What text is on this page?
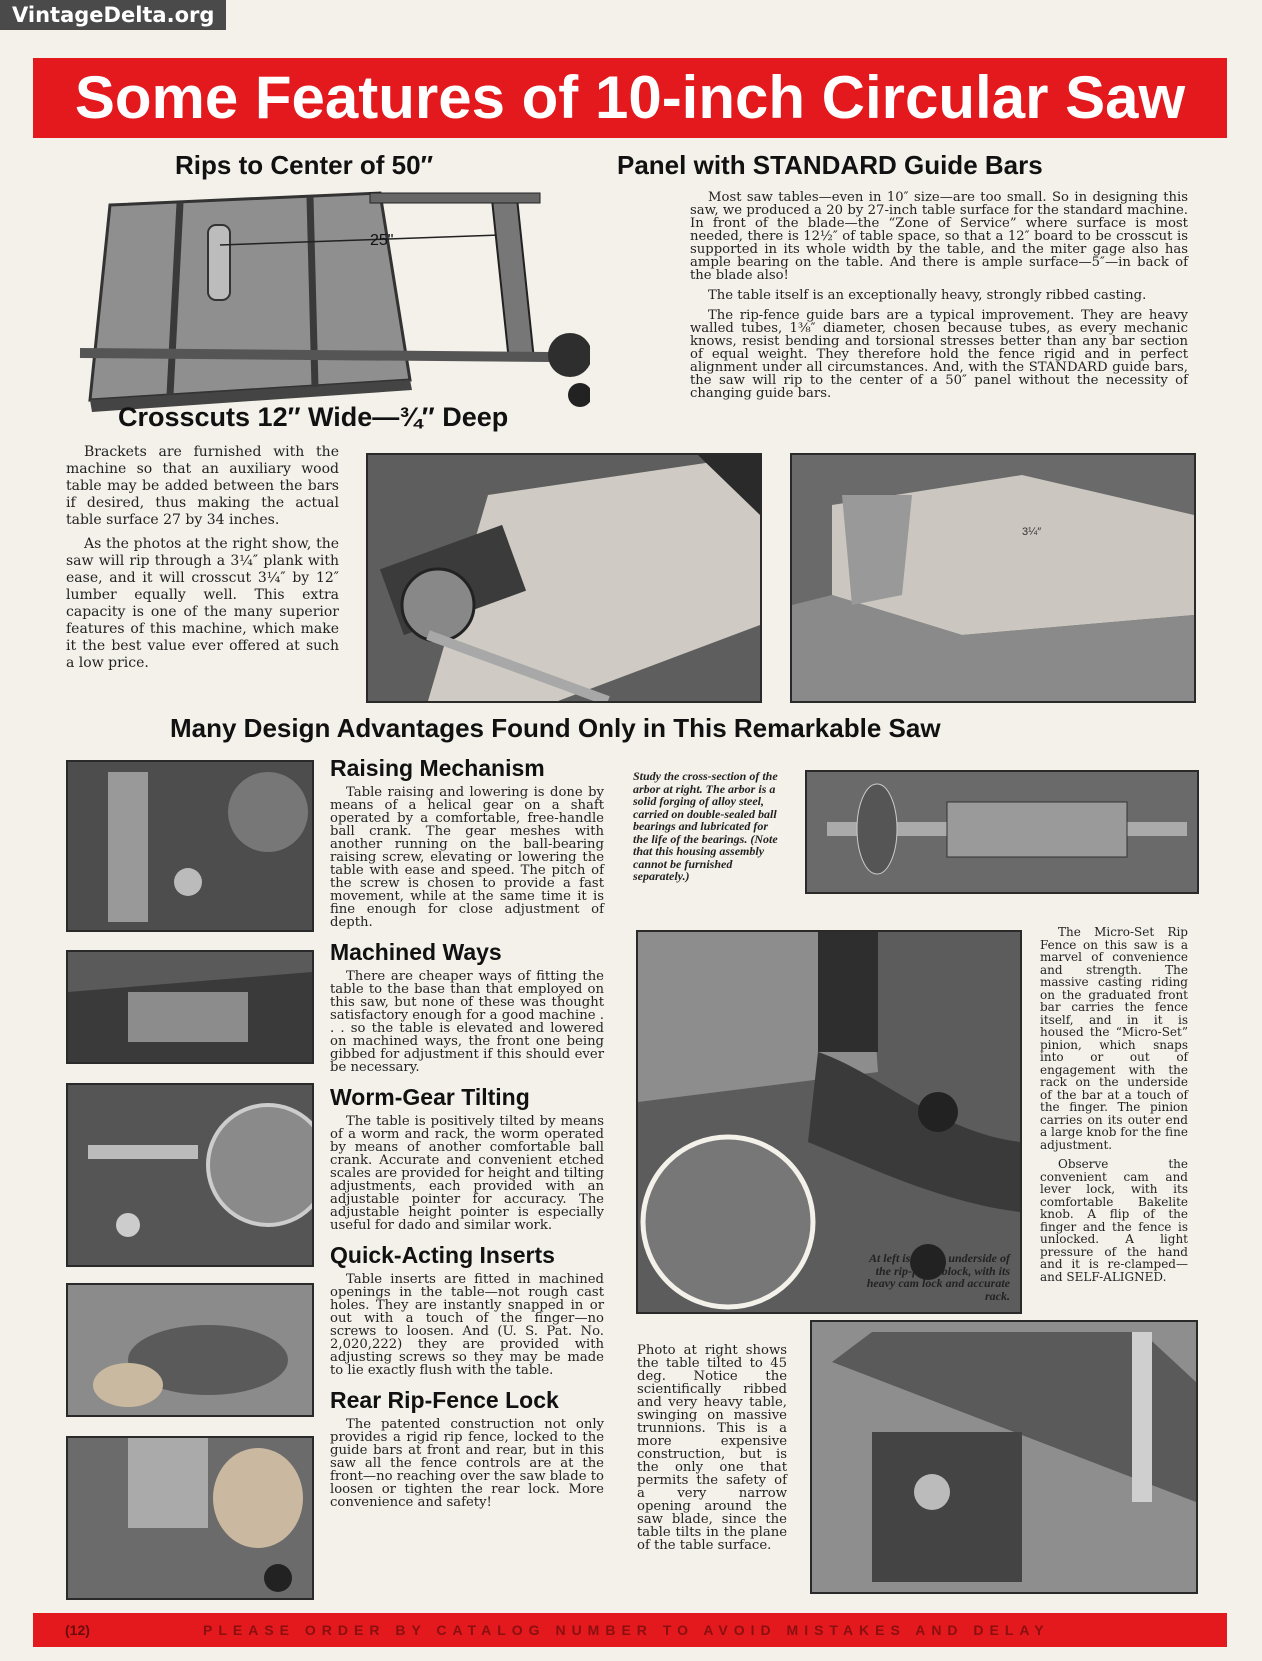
VintageDelta.org
Some Features of 10-inch Circular Saw
Rips to Center of 50″
25"
Crosscuts 12″ Wide—¾″ Deep

Brackets are furnished with the machine so that an auxiliary wood table may be added between the bars if desired, thus making the actual table surface 27 by 34 inches.

As the photos at the right show, the saw will rip through a 3¼″ plank with ease, and it will crosscut 3¼″ by 12″ lumber equally well. This extra capacity is one of the many superior features of this machine, which make it the best value ever offered at such a low price.

Panel with STANDARD Guide Bars

Most saw tables—even in 10″ size—are too small. So in designing this saw, we produced a 20 by 27-inch table surface for the standard machine. In front of the blade—the “Zone of Service” where surface is most needed, there is 12½″ of table space, so that a 12″ board to be crosscut is supported in its whole width by the table, and the miter gage also has ample bearing on the table. And there is ample surface—5″—in back of the blade also!

The table itself is an exceptionally heavy, strongly ribbed casting.

The rip-fence guide bars are a typical improvement. They are heavy walled tubes, 1⅜″ diameter, chosen because tubes, as every mechanic knows, resist bending and torsional stresses better than any bar section of equal weight. They therefore hold the fence rigid and in perfect alignment under all circumstances. And, with the STANDARD guide bars, the saw will rip to the center of a 50″ panel without the necessity of changing guide bars.

3¼″
Many Design Advantages Found Only in This Remarkable Saw
Raising Mechanism
Table raising and lowering is done by means of a helical gear on a shaft operated by a comfortable, free-handle ball crank. The gear meshes with another running on the ball-bearing raising screw, elevating or lowering the table with ease and speed. The pitch of the screw is chosen to provide a fast movement, while at the same time it is fine enough for close adjustment of depth.
Machined Ways
There are cheaper ways of fitting the table to the base than that employed on this saw, but none of these was thought satisfactory enough for a good machine . . . so the table is elevated and lowered on machined ways, the front one being gibbed for adjustment if this should ever be necessary.
Worm-Gear Tilting
The table is positively tilted by means of a worm and rack, the worm operated by means of another comfortable ball crank. Accurate and convenient etched scales are provided for height and tilting adjustments, each provided with an adjustable pointer for accuracy. The adjustable height pointer is especially useful for dado and similar work.
Quick-Acting Inserts
Table inserts are fitted in machined openings in the table—not rough cast holes. They are instantly snapped in or out with a touch of the finger—no screws to loosen. And (U. S. Pat. No. 2,020,222) they are provided with adjusting screws so they may be made to lie exactly flush with the table.
Rear Rip-Fence Lock
The patented construction not only provides a rigid rip fence, locked to the guide bars at front and rear, but in this saw all the fence controls are at the front—no reaching over the saw blade to loosen or tighten the rear lock. More convenience and safety!
Study the cross-section of the arbor at right. The arbor is a solid forging of alloy steel, carried on double-sealed ball bearings and lubricated for the life of the bearings. (Note that this housing assembly cannot be furnished separately.)
At left is shown underside of the rip-fence block, with its heavy cam lock and accurate rack.

The Micro-Set Rip Fence on this saw is a marvel of convenience and strength. The massive casting riding on the graduated front bar carries the fence itself, and in it is housed the “Micro-Set” pinion, which snaps into or out of engagement with the rack on the underside of the bar at a touch of the finger. The pinion carries on its outer end a large knob for the fine adjustment.

Observe the convenient cam and lever lock, with its comfortable Bakelite knob. A flip of the finger and the fence is unlocked. A light pressure of the hand and it is re-clamped—and SELF-ALIGNED.

Photo at right shows the table tilted to 45 deg. Notice the scientifically ribbed and very heavy table, swinging on massive trunnions. This is a more expensive construction, but is the only one that permits the safety of a very narrow opening around the saw blade, since the table tilts in the plane of the table surface.
(12)	PLEASE ORDER BY CATALOG NUMBER TO AVOID MISTAKES AND DELAY
